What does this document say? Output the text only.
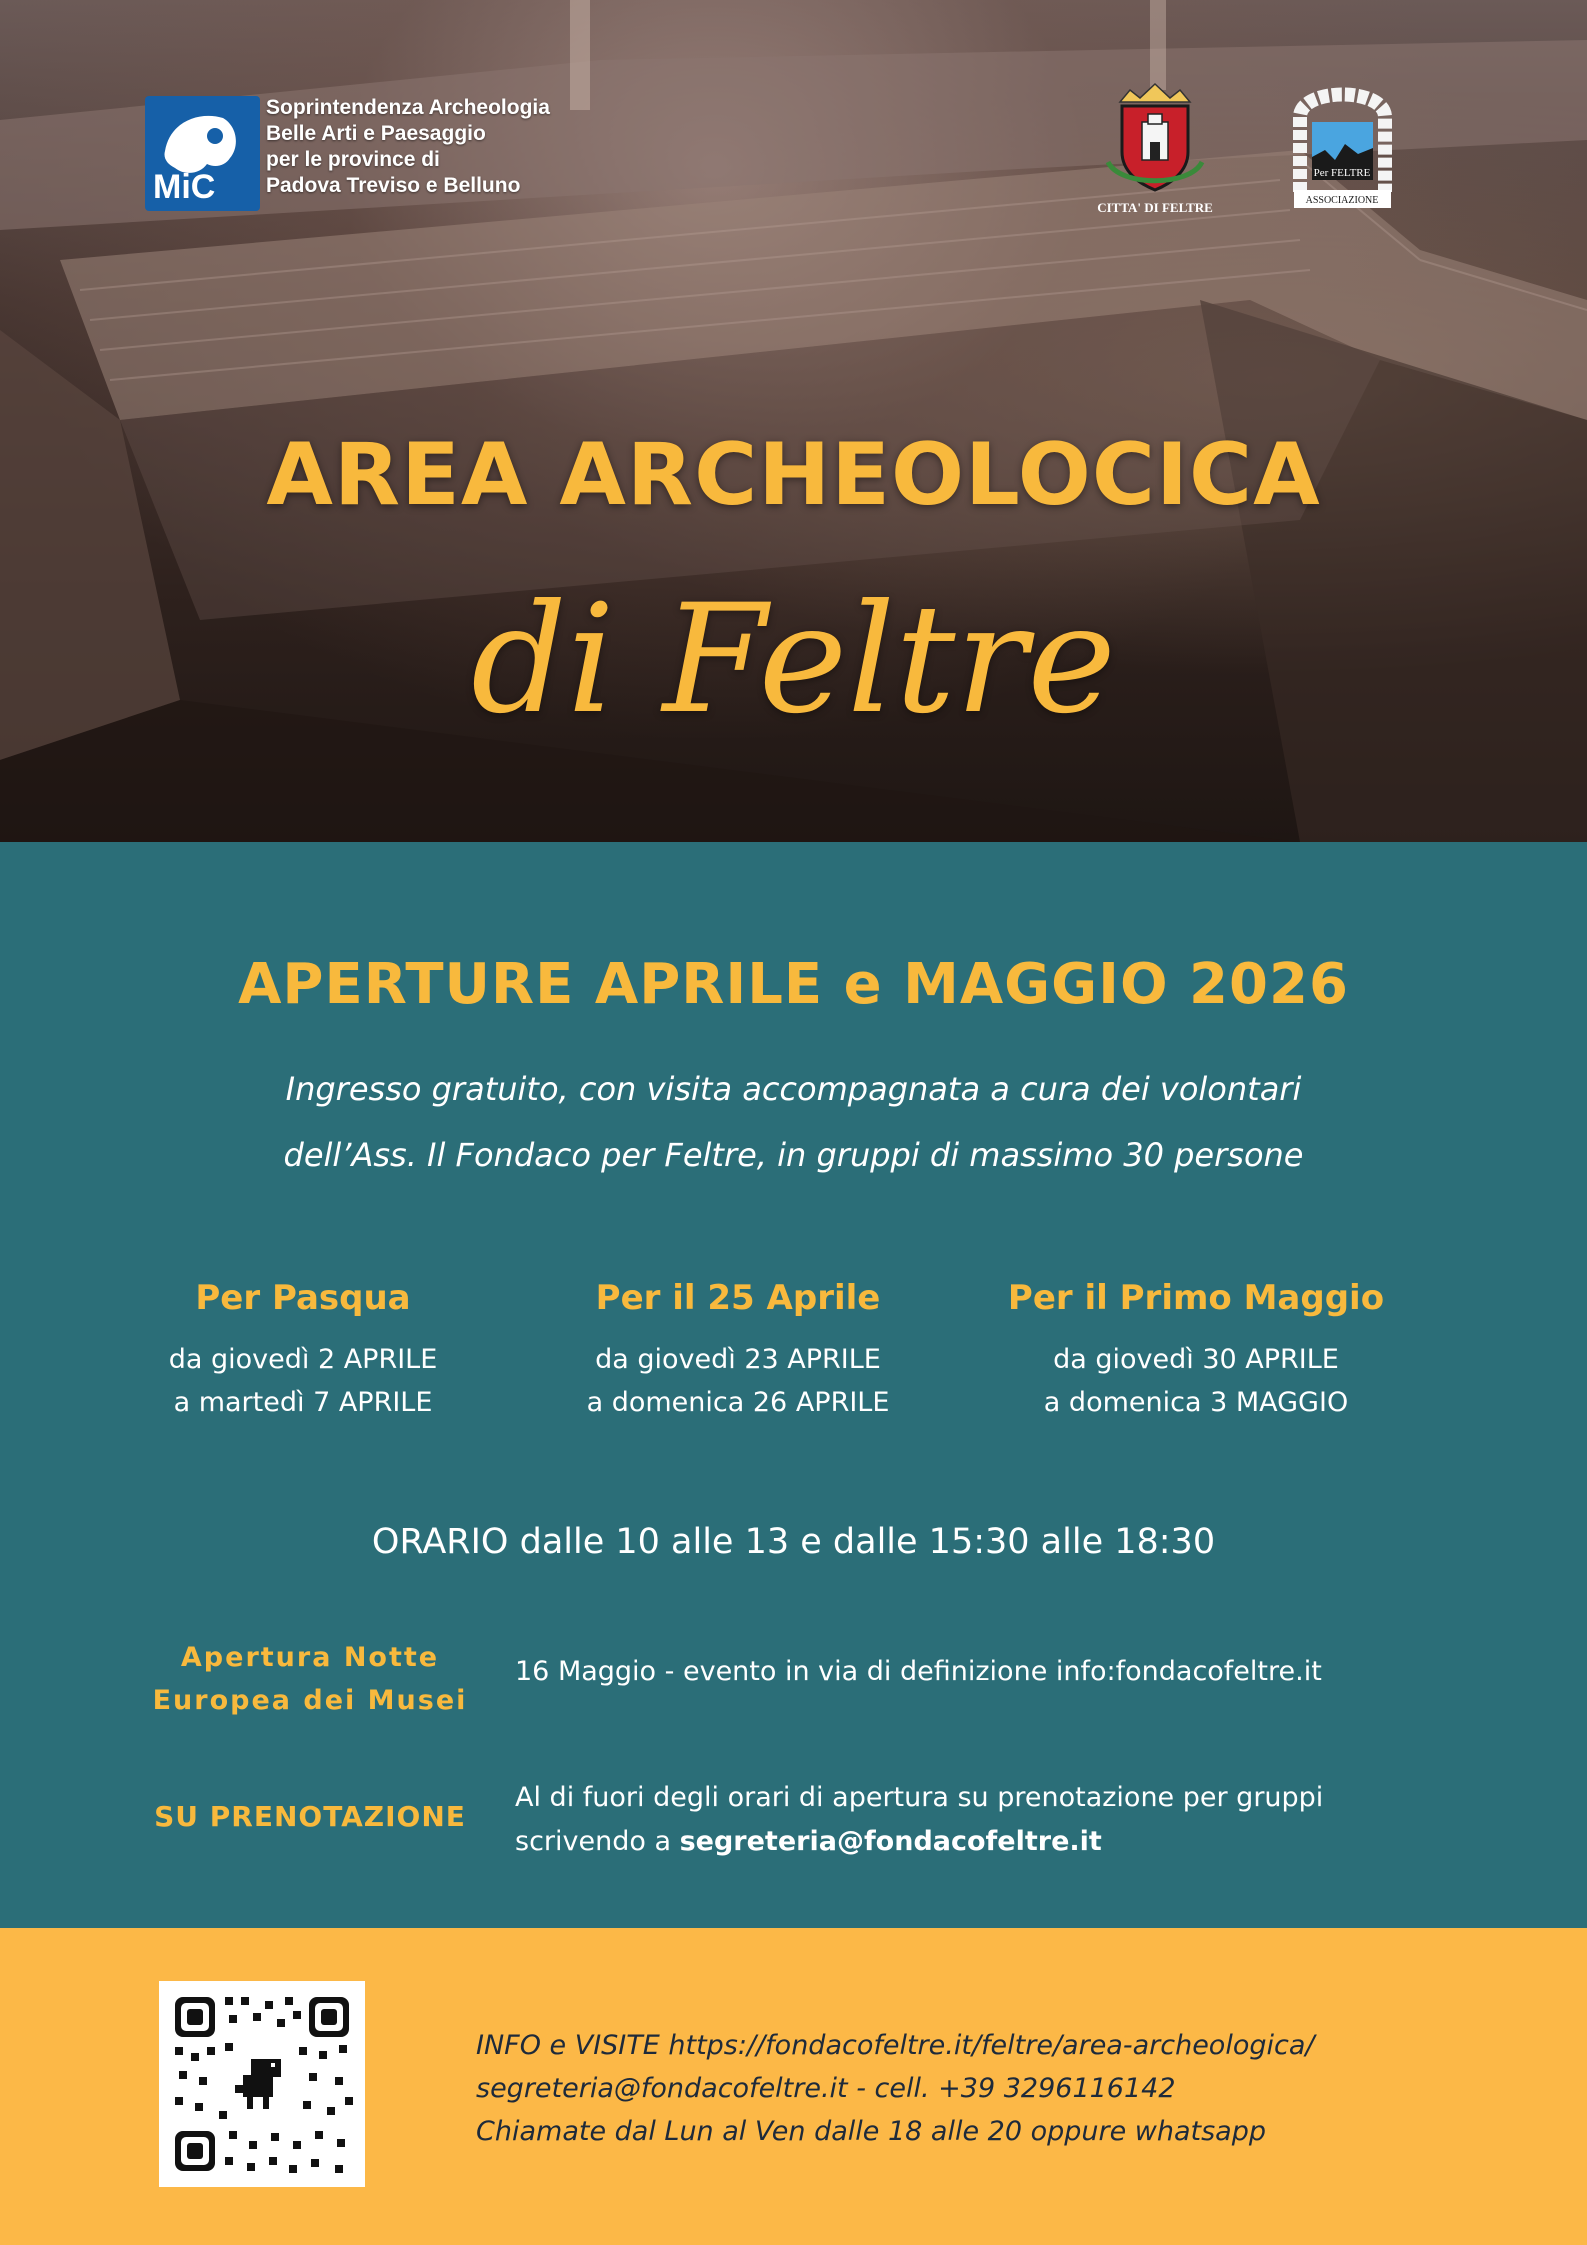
MiC
Soprintendenza Archeologia
Belle Arti e Paesaggio
per le province di
Padova Treviso e Belluno
CITTA' DI FELTRE
Per FELTRE
ASSOCIAZIONE
AREA ARCHEOLOCICA
di Feltre
APERTURE APRILE e MAGGIO 2026
Ingresso gratuito, con visita accompagnata a cura dei volontari
dell’Ass. Il Fondaco per Feltre, in gruppi di massimo 30 persone
Per Pasqua
da giovedì 2 APRILE
a martedì 7 APRILE
Per il 25 Aprile
da giovedì 23 APRILE
a domenica 26 APRILE
Per il Primo Maggio
da giovedì 30 APRILE
a domenica 3 MAGGIO
ORARIO dalle 10 alle 13 e dalle 15:30 alle 18:30
Apertura Notte
Europea dei Musei
16 Maggio - evento in via di definizione info:fondacofeltre.it
SU PRENOTAZIONE
Al di fuori degli orari di apertura su prenotazione per gruppi
scrivendo a segreteria@fondacofeltre.it
INFO e VISITE https://fondacofeltre.it/feltre/area-archeologica/
segreteria@fondacofeltre.it - cell. +39 3296116142
Chiamate dal Lun al Ven dalle 18 alle 20 oppure whatsapp
